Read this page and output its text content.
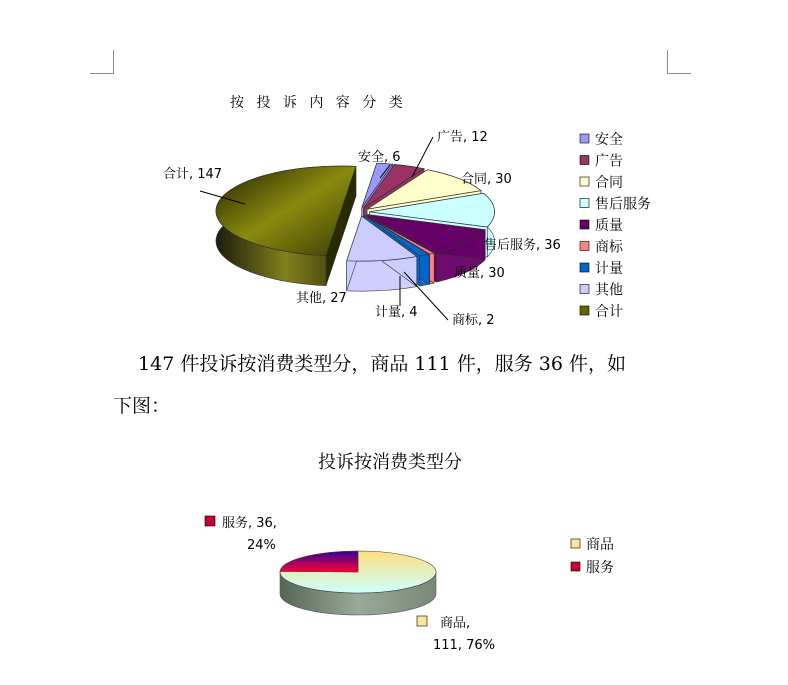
按 投 诉 内 容 分 类
安全, 6
广告, 12
合同, 30
售后服务, 36
质量, 30
商标, 2
计量, 4
其他, 27
合计, 147
安全
广告
合同
售后服务
质量
商标
计量
其他
合计
投诉按消费类型分
商品,
111, 76%
服务, 36,
24%	商品
服务
　 147 件投诉按消费类型分，商品 111 件，服务 36 件，如
下图：
